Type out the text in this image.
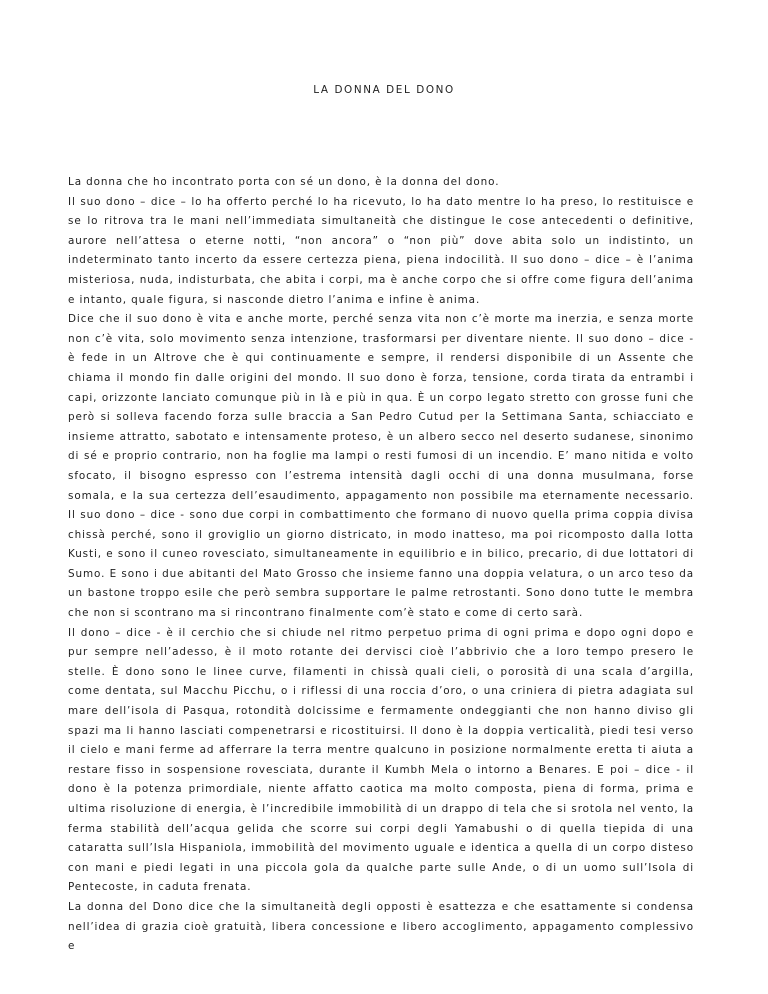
LA DONNA DEL DONO

La donna che ho incontrato porta con sé un dono, è la donna del dono.

Il suo dono – dice – lo ha offerto perché lo ha ricevuto, lo ha dato mentre lo ha preso, lo restituisce e se lo ritrova tra le mani nell’immediata simultaneità che distingue le cose antecedenti o definitive, aurore nell’attesa o eterne notti, “non ancora” o “non più” dove abita solo un indistinto, un indeterminato tanto incerto da essere certezza piena, piena indocilità. Il suo dono – dice – è l’anima misteriosa, nuda, indisturbata, che abita i corpi, ma è anche corpo che si offre come figura dell’anima e intanto, quale figura, si nasconde dietro l’anima e infine è anima.

Dice che il suo dono è vita e anche morte, perché senza vita non c’è morte ma inerzia, e senza morte non c’è vita, solo movimento senza intenzione, trasformarsi per diventare niente. Il suo dono – dice - è fede in un Altrove che è qui continuamente e sempre, il rendersi disponibile di un Assente che chiama il mondo fin dalle origini del mondo. Il suo dono è forza, tensione, corda tirata da entrambi i capi, orizzonte lanciato comunque più in là e più in qua. È un corpo legato stretto con grosse funi che però si solleva facendo forza sulle braccia a San Pedro Cutud per la Settimana Santa, schiacciato e insieme attratto, sabotato e intensamente proteso, è un albero secco nel deserto sudanese, sinonimo di sé e proprio contrario, non ha foglie ma lampi o resti fumosi di un incendio. E’ mano nitida e volto sfocato, il bisogno espresso con l’estrema intensità dagli occhi di una donna musulmana, forse somala, e la sua certezza dell’esaudimento, appagamento non possibile ma eternamente necessario. Il suo dono – dice - sono due corpi in combattimento che formano di nuovo quella prima coppia divisa chissà perché, sono il groviglio un giorno districato, in modo inatteso, ma poi ricomposto dalla lotta Kusti, e sono il cuneo rovesciato, simultaneamente in equilibrio e in bilico, precario, di due lottatori di Sumo. E sono i due abitanti del Mato Grosso che insieme fanno una doppia velatura, o un arco teso da un bastone troppo esile che però sembra supportare le palme retrostanti. Sono dono tutte le membra che non si scontrano ma si rincontrano finalmente com’è stato e come di certo sarà.

Il dono – dice - è il cerchio che si chiude nel ritmo perpetuo prima di ogni prima e dopo ogni dopo e pur sempre nell’adesso, è il moto rotante dei dervisci cioè l’abbrivio che a loro tempo presero le stelle. È dono sono le linee curve, filamenti in chissà quali cieli, o porosità di una scala d’argilla, come dentata, sul Macchu Picchu, o i riflessi di una roccia d’oro, o una criniera di pietra adagiata sul mare dell’isola di Pasqua, rotondità dolcissime e fermamente ondeggianti che non hanno diviso gli spazi ma li hanno lasciati compenetrarsi e ricostituirsi. Il dono è la doppia verticalità, piedi tesi verso il cielo e mani ferme ad afferrare la terra mentre qualcuno in posizione normalmente eretta ti aiuta a restare fisso in sospensione rovesciata, durante il Kumbh Mela o intorno a Benares. E poi – dice - il dono è la potenza primordiale, niente affatto caotica ma molto composta, piena di forma, prima e ultima risoluzione di energia, è l’incredibile immobilità di un drappo di tela che si srotola nel vento, la ferma stabilità dell’acqua gelida che scorre sui corpi degli Yamabushi o di quella tiepida di una cataratta sull’Isla Hispaniola, immobilità del movimento uguale e identica a quella di un corpo disteso con mani e piedi legati in una piccola gola da qualche parte sulle Ande, o di un uomo sull’Isola di Pentecoste, in caduta frenata.

La donna del Dono dice che la simultaneità degli opposti è esattezza e che esattamente si condensa nell’idea di grazia cioè gratuità, libera concessione e libero accoglimento, appagamento complessivo e
